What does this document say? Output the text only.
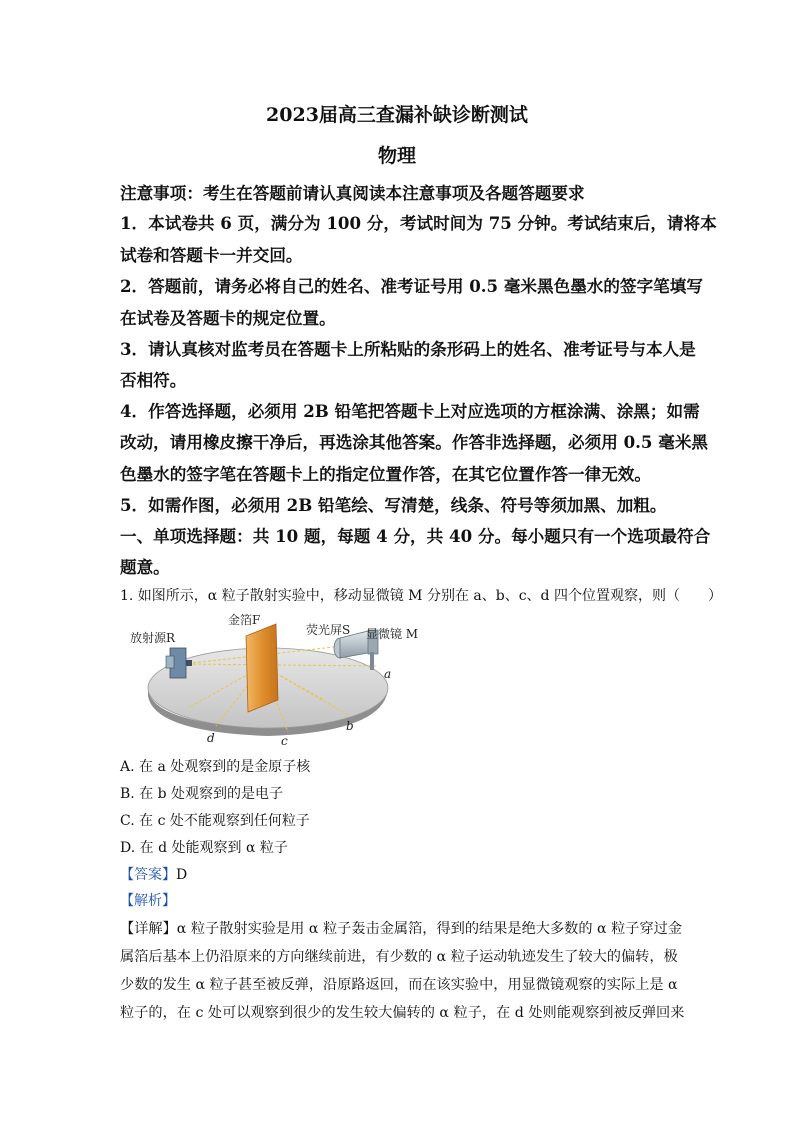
2023届高三查漏补缺诊断测试
物理
注意事项：考生在答题前请认真阅读本注意事项及各题答题要求
1．本试卷共 6 页，满分为 100 分，考试时间为 75 分钟。考试结束后，请将本
试卷和答题卡一并交回。
2．答题前，请务必将自己的姓名、准考证号用 0.5 毫米黑色墨水的签字笔填写
在试卷及答题卡的规定位置。
3．请认真核对监考员在答题卡上所粘贴的条形码上的姓名、准考证号与本人是
否相符。
4．作答选择题，必须用 2B 铅笔把答题卡上对应选项的方框涂满、涂黑；如需
改动，请用橡皮擦干净后，再选涂其他答案。作答非选择题，必须用 0.5 毫米黑
色墨水的签字笔在答题卡上的指定位置作答，在其它位置作答一律无效。
5．如需作图，必须用 2B 铅笔绘、写清楚，线条、符号等须加黑、加粗。
一、单项选择题：共 10 题，每题 4 分，共 40 分。每小题只有一个选项最符合
题意。
1. 如图所示，α 粒子散射实验中，移动显微镜 M 分别在 a、b、c、d 四个位置观察，则（　　）
放射源R
金箔F
荧光屏S 显微镜 M
a
b
c
d
A. 在 a 处观察到的是金原子核
B. 在 b 处观察到的是电子
C. 在 c 处不能观察到任何粒子
D. 在 d 处能观察到 α 粒子
【答案】D
【解析】
【详解】α 粒子散射实验是用 α 粒子轰击金属箔，得到的结果是绝大多数的 α 粒子穿过金
属箔后基本上仍沿原来的方向继续前进，有少数的 α 粒子运动轨迹发生了较大的偏转，极
少数的发生 α 粒子甚至被反弹，沿原路返回，而在该实验中，用显微镜观察的实际上是 α
粒子的，在 c 处可以观察到很少的发生较大偏转的 α 粒子，在 d 处则能观察到被反弹回来
